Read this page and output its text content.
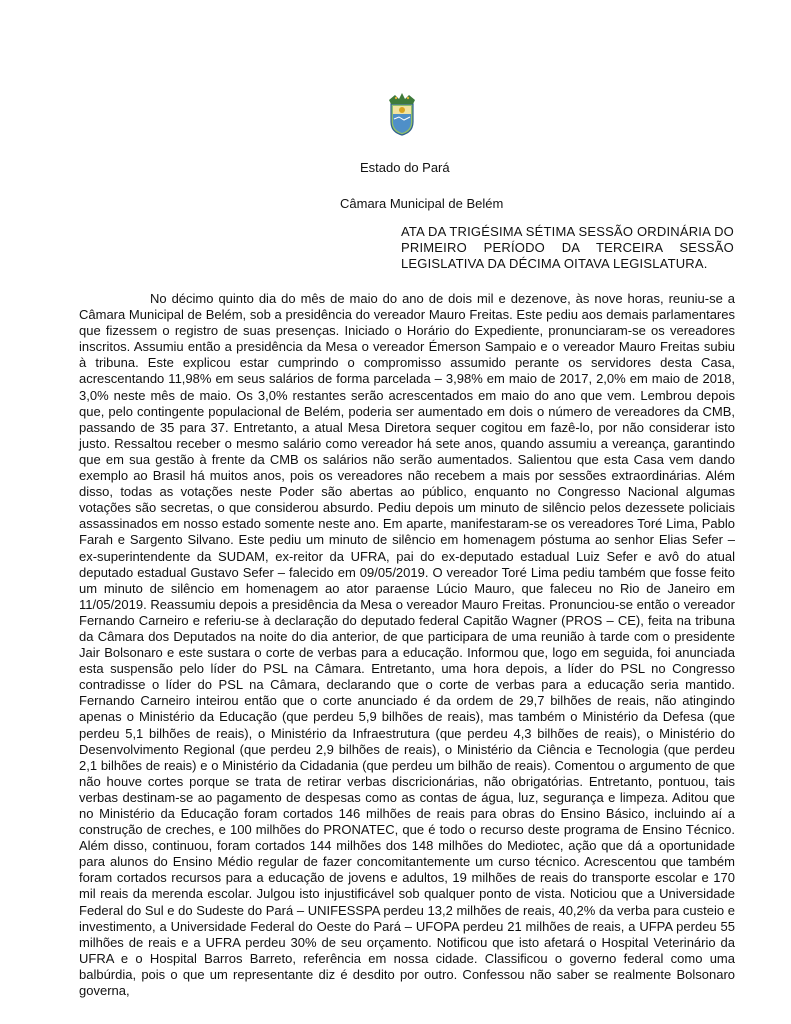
Estado do Pará
Câmara Municipal de Belém
ATA DA TRIGÉSIMA SÉTIMA SESSÃO ORDINÁRIA DO PRIMEIRO PERÍODO DA TERCEIRA SESSÃO LEGISLATIVA DA DÉCIMA OITAVA LEGISLATURA.

No décimo quinto dia do mês de maio do ano de dois mil e dezenove, às nove horas, reuniu-se a Câmara Municipal de Belém, sob a presidência do vereador Mauro Freitas. Este pediu aos demais parlamentares que fizessem o registro de suas presenças. Iniciado o Horário do Expediente, pronunciaram-se os vereadores inscritos. Assumiu então a presidência da Mesa o vereador Émerson Sampaio e o vereador Mauro Freitas subiu à tribuna. Este explicou estar cumprindo o compromisso assumido perante os servidores desta Casa, acrescentando 11,98% em seus salários de forma parcelada – 3,98% em maio de 2017, 2,0% em maio de 2018, 3,0% neste mês de maio. Os 3,0% restantes serão acrescentados em maio do ano que vem. Lembrou depois que, pelo contingente populacional de Belém, poderia ser aumentado em dois o número de vereadores da CMB, passando de 35 para 37. Entretanto, a atual Mesa Diretora sequer cogitou em fazê-lo, por não considerar isto justo. Ressaltou receber o mesmo salário como vereador há sete anos, quando assumiu a vereança, garantindo que em sua gestão à frente da CMB os salários não serão aumentados. Salientou que esta Casa vem dando exemplo ao Brasil há muitos anos, pois os vereadores não recebem a mais por sessões extraordinárias. Além disso, todas as votações neste Poder são abertas ao público, enquanto no Congresso Nacional algumas votações são secretas, o que considerou absurdo. Pediu depois um minuto de silêncio pelos dezessete policiais assassinados em nosso estado somente neste ano. Em aparte, manifestaram-se os vereadores Toré Lima, Pablo Farah e Sargento Silvano. Este pediu um minuto de silêncio em homenagem póstuma ao senhor Elias Sefer – ex-superintendente da SUDAM, ex-reitor da UFRA, pai do ex-deputado estadual Luiz Sefer e avô do atual deputado estadual Gustavo Sefer – falecido em 09/05/2019. O vereador Toré Lima pediu também que fosse feito um minuto de silêncio em homenagem ao ator paraense Lúcio Mauro, que faleceu no Rio de Janeiro em 11/05/2019. Reassumiu depois a presidência da Mesa o vereador Mauro Freitas. Pronunciou-se então o vereador Fernando Carneiro e referiu-se à declaração do deputado federal Capitão Wagner (PROS – CE), feita na tribuna da Câmara dos Deputados na noite do dia anterior, de que participara de uma reunião à tarde com o presidente Jair Bolsonaro e este sustara o corte de verbas para a educação. Informou que, logo em seguida, foi anunciada esta suspensão pelo líder do PSL na Câmara. Entretanto, uma hora depois, a líder do PSL no Congresso contradisse o líder do PSL na Câmara, declarando que o corte de verbas para a educação seria mantido. Fernando Carneiro inteirou então que o corte anunciado é da ordem de 29,7 bilhões de reais, não atingindo apenas o Ministério da Educação (que perdeu 5,9 bilhões de reais), mas também o Ministério da Defesa (que perdeu 5,1 bilhões de reais), o Ministério da Infraestrutura (que perdeu 4,3 bilhões de reais), o Ministério do Desenvolvimento Regional (que perdeu 2,9 bilhões de reais), o Ministério da Ciência e Tecnologia (que perdeu 2,1 bilhões de reais) e o Ministério da Cidadania (que perdeu um bilhão de reais). Comentou o argumento de que não houve cortes porque se trata de retirar verbas discricionárias, não obrigatórias. Entretanto, pontuou, tais verbas destinam-se ao pagamento de despesas como as contas de água, luz, segurança e limpeza. Aditou que no Ministério da Educação foram cortados 146 milhões de reais para obras do Ensino Básico, incluindo aí a construção de creches, e 100 milhões do PRONATEC, que é todo o recurso deste programa de Ensino Técnico. Além disso, continuou, foram cortados 144 milhões dos 148 milhões do Mediotec, ação que dá a oportunidade para alunos do Ensino Médio regular de fazer concomitantemente um curso técnico. Acrescentou que também foram cortados recursos para a educação de jovens e adultos, 19 milhões de reais do transporte escolar e 170 mil reais da merenda escolar. Julgou isto injustificável sob qualquer ponto de vista. Noticiou que a Universidade Federal do Sul e do Sudeste do Pará – UNIFESSPA perdeu 13,2 milhões de reais, 40,2% da verba para custeio e investimento, a Universidade Federal do Oeste do Pará – UFOPA perdeu 21 milhões de reais, a UFPA perdeu 55 milhões de reais e a UFRA perdeu 30% de seu orçamento. Notificou que isto afetará o Hospital Veterinário da UFRA e o Hospital Barros Barreto, referência em nossa cidade. Classificou o governo federal como uma balbúrdia, pois o que um representante diz é desdito por outro. Confessou não saber se realmente Bolsonaro governa,
